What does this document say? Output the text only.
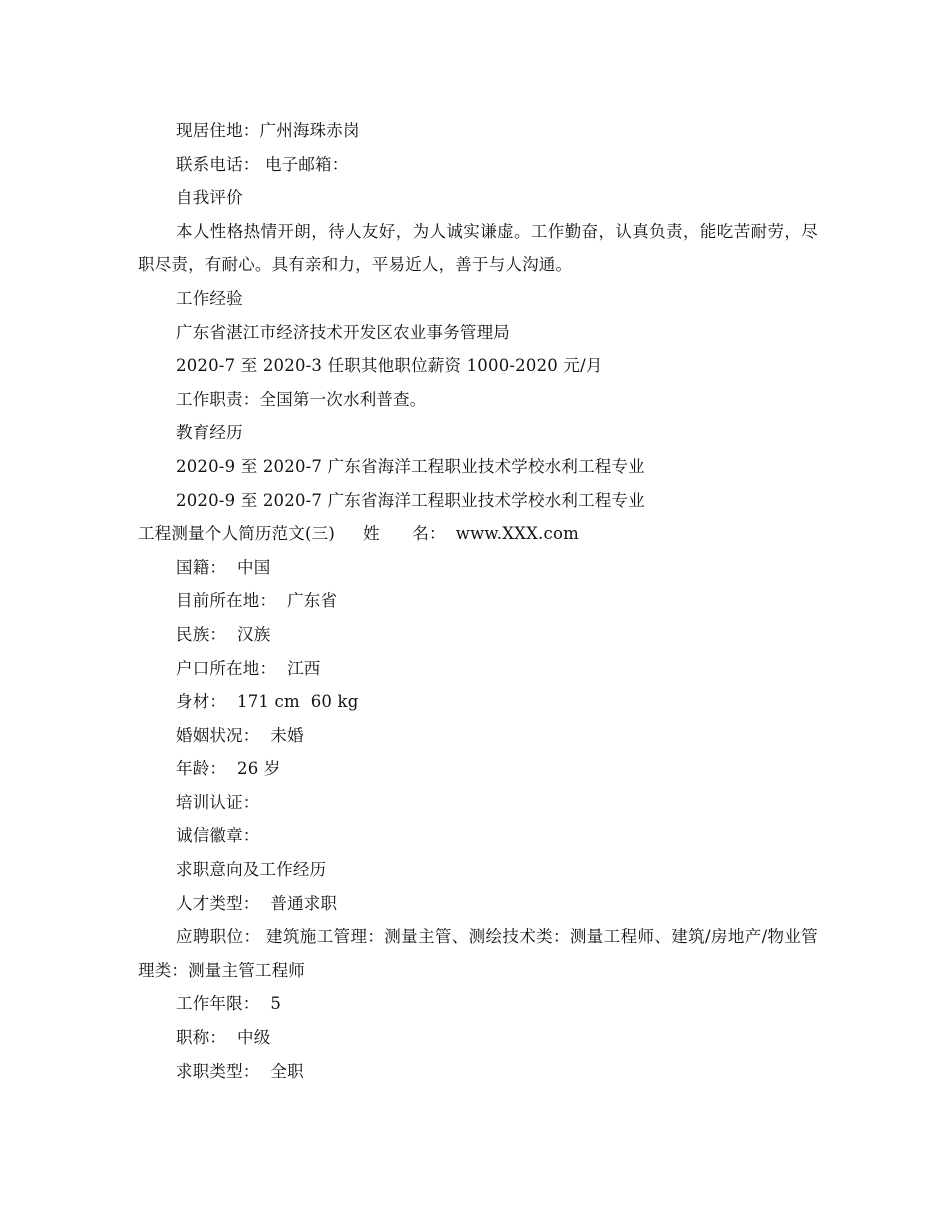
现居住地：广州海珠赤岗
联系电话： 电子邮箱：
自我评价
本人性格热情开朗，待人友好，为人诚实谦虚。工作勤奋，认真负责，能吃苦耐劳，尽职尽责，有耐心。具有亲和力，平易近人，善于与人沟通。
工作经验
广东省湛江市经济技术开发区农业事务管理局
2020-7 至 2020-3 任职其他职位薪资 1000-2020 元/月
工作职责：全国第一次水利普查。
教育经历
2020-9 至 2020-7 广东省海洋工程职业技术学校水利工程专业
2020-9 至 2020-7 广东省海洋工程职业技术学校水利工程专业
工程测量个人简历范文(三) 姓      名： www.XXX.com
国籍：  中国
目前所在地：  广东省
民族：  汉族
户口所在地：  江西
身材：  171 cm  60 kg
婚姻状况：  未婚
年龄：  26 岁
培训认证：
诚信徽章：
求职意向及工作经历
人才类型：  普通求职
应聘职位： 建筑施工管理：测量主管、测绘技术类：测量工程师、建筑/房地产/物业管理类：测量主管工程师
工作年限：  5
职称：  中级
求职类型：  全职
